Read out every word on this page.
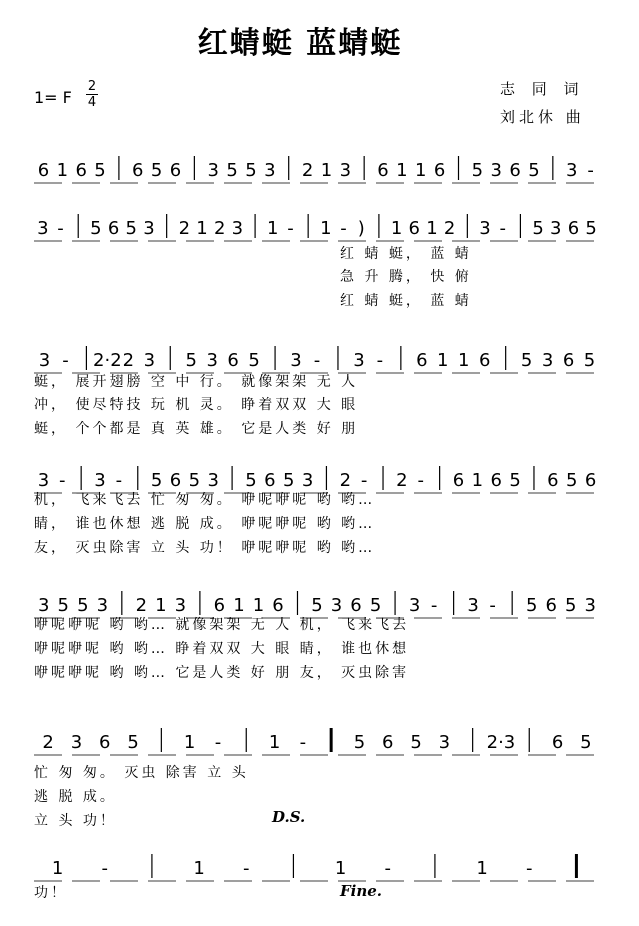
红蜻蜓 蓝蜻蜓
1= F
2
4
志 同 词
刘北休 曲
6 1 6 5 6 5 6 3 5 5 3 2 1 3 6 1 1 6 5 3 6 5 3 -
3 - 5 6 5 3 2 1 2 3 1 - 1 - ) 1 6 1 2 3 - 5 3 6 5
3 - 2·2 2 3 5 3 6 5 3 - 3 - 6 1 1 6 5 3 6 5
3 - 3 - 5 6 5 3 5 6 5 3 2 - 2 - 6 1 6 5 6 5 6
3 5 5 3 2 1 3 6 1 1 6 5 3 6 5 3 - 3 - 5 6 5 3
2 3 6 5	1 -	1 -	5 6 5 3 2·3 6 5
1 -	1 -	1 -	1 -
红 蜻 蜓， 蓝 蜻
急 升 腾， 快 俯
红 蜻 蜓， 蓝 蜻
蜓， 展开翅膀 空 中 行。 就像架架 无 人
冲， 使尽特技 玩 机 灵。 睁着双双 大 眼
蜓， 个个都是 真 英 雄。 它是人类 好 朋
机， 飞来飞去 忙 匆 匆。 咿呢咿呢 哟 哟…
睛， 谁也休想 逃 脱 成。 咿呢咿呢 哟 哟…
友， 灭虫除害 立 头 功！ 咿呢咿呢 哟 哟…
咿呢咿呢 哟 哟… 就像架架 无 人 机， 飞来飞去
咿呢咿呢 哟 哟… 睁着双双 大 眼 睛， 谁也休想
咿呢咿呢 哟 哟… 它是人类 好 朋 友， 灭虫除害
忙 匆 匆。 灭虫 除害 立 头
逃 脱 成。
立 头 功！
功！
D.S.
Fine.
